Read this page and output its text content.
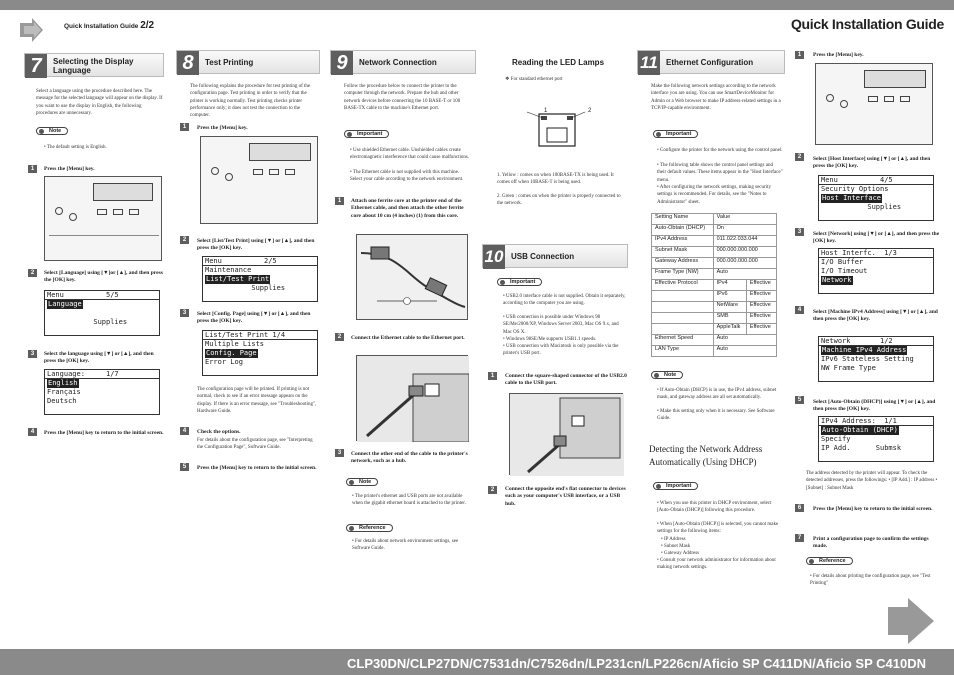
Quick Installation Guide 2/2	Quick Installation Guide
7	Selecting the Display Language
Select a language using the procedure described here. The message for the selected language will appear on the display. If you want to use the display in English, the following procedures are unnecessary.
Note
• The default setting is English.
1	Press the [Menu] key.
2	Select [Language] using [▼]or [▲], and then press the [OK] key.
Menu          5/5
Language
Supplies
3	Select the language using [▼] or [▲], and then press the [OK] key.
Language:     1/7
English
Français
Deutsch
4	Press the [Menu] key to return to the initial screen.
8	Test Printing
The following explains the procedure for test printing of the configuration page. Test printing in order to verify that the printer is working normally. Test printing checks printer performance only; it does not test the connection to the computer.
1	Press the [Menu] key.
2	Select [List/Test Print] using [▼] or [▲], and then press the [OK] key.
Menu          2/5
Maintenance
List/Test Print
Supplies
3	Select [Config. Page] using [▼] or [▲], and then press the [OK] key.
List/Test Print 1/4
Multiple Lists
Config. Page
Error Log
The configuration page will be printed. If printing is not normal, check to see if an error message appears on the display. If there is an error message, see "Troubleshooting", Hardware Guide.
4	Check the options.
For details about the configuration page, see "Interpreting the Configuration Page", Software Guide.
5	Press the [Menu] key to return to the initial screen.
9	Network Connection
Follow the procedure below to connect the printer to the computer through the network. Prepare the hub and other network devices before connecting the 10 BASE-T or 100 BASE-TX cable to the machine's Ethernet port.
Important
• Use shielded Ethernet cable. Unshielded cables create electromagnetic interference that could cause malfunctions.
• The Ethernet cable is not supplied with this machine. Select your cable according to the network environment.
1	Attach one ferrite core at the printer end of the Ethernet cable, and then attach the other ferrite core about 10 cm (4 inches) (1) from this core.
2	Connect the Ethernet cable to the Ethernet port.
3	Connect the other end of the cable to the printer's network, such as a hub.
Note
• The printer's ethernet and USB ports are not available when the gigabit ethernet board is attached to the printer.
Reference
• For details about network environment settings, see Software Guide.
Reading the LED Lamps
❖ For standard ethernet port
1	2
1. Yellow : comes on when 100BASE-TX is being used. It comes off when 10BASE-T is being used.
2. Green : comes on when the printer is properly connected to the network.
10 USB Connection
Important
• USB2.0 interface cable is not supplied. Obtain it separately, according to the computer you are using.
• USB connection is possible under Windows 98 SE/Me/2000/XP, Windows Server 2003, Mac OS 9.x, and Mac OS X.
• Windows 98SE/Me supports USB1.1 speeds.
• USB connection with Macintosh is only possible via the printer's USB port.
1	Connect the square-shaped connector of the USB2.0 cable to the USB port.
2	Connect the opposite end's flat connector to devices such as your computer's USB interface, or a USB hub.
11 Ethernet Configuration
Make the following network settings according to the network interface you are using. You can use SmartDeviceMonitor for Admin or a Web browser to make IP address-related settings in a TCP/IP-capable environment.
Important
• Configure the printer for the network using the control panel.
• The following table shows the control panel settings and their default values. These items appear in the "Host Interface" menu.
• After configuring the network settings, making security settings is recommended. For details, see the "Notes to Administrator" sheet.
Setting Name	Value	
Auto-Obtain (DHCP)	On	
IPv4 Address	011.022.033.044	
Subnet Mask	000.000.000.000	
Gateway Address	000.000.000.000	
Frame Type (NW)	Auto	
Effective Protocol	IPv4	Effective
	IPv6	Effective
	NetWare	Effective
	SMB	Effective
	AppleTalk	Effective
Ethernet Speed	Auto	
LAN Type	Auto	
Note
• If Auto-Obtain (DHCP) is in use, the IPv4 address, subnet mask, and gateway address are all set automatically.
• Make this setting only when it is necessary. See Software Guide.
Detecting the Network Address Automatically (Using DHCP)
Important
• When you use this printer in DHCP environment, select [Auto-Obtain (DHCP)] following this procedure.
• When [Auto-Obtain (DHCP)] is selected, you cannot make settings for the following items:
• IP Address
• Subnet Mask
• Gateway Address
• Consult your network administrator for information about making network settings.
1	Press the [Menu] key.
2	Select [Host Interface] using [▼] or [▲], and then press the [OK] key.
Menu          4/5
Security Options
Host Interface
Supplies
3	Select [Network] using [▼] or [▲], and then press the [OK] key.
Host Interfc.  1/3
I/O Buffer
I/O Timeout
Network
4	Select [Machine IPv4 Address] using [▼] or [▲], and then press the [OK] key.
Network       1/2
Machine IPv4 Address
IPv6 Stateless Setting
NW Frame Type
5	Select [Auto-Obtain (DHCP)] using [▼] or [▲], and then press the [OK] key.
IPv4 Address:  1/1
Auto-Obtain (DHCP)
Specify
IP Add.      Submsk
The address detected by the printer will appear. To check the detected addresses, press the followings: • [IP Add.] : IP address • [Subnet] : Subnet Mask
6	Press the [Menu] key to return to the initial screen.
7	Print a configuration page to confirm the settings made.
Reference
• For details about printing the configuration page, see "Test Printing"
CLP30DN/CLP27DN/C7531dn/C7526dn/LP231cn/LP226cn/Aficio SP C411DN/Aficio SP C410DN
